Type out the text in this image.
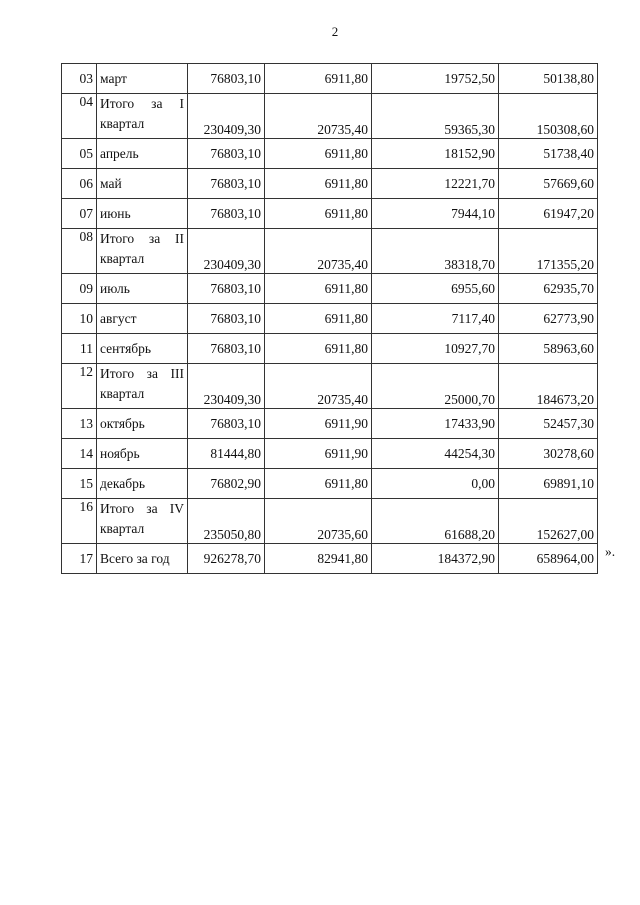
2
03	март	76803,10	6911,80	19752,50	50138,80
04	Итого за I
квартал	230409,30	20735,40	59365,30	150308,60
05	апрель	76803,10	6911,80	18152,90	51738,40
06	май	76803,10	6911,80	12221,70	57669,60
07	июнь	76803,10	6911,80	7944,10	61947,20
08	Итого за II
квартал	230409,30	20735,40	38318,70	171355,20
09	июль	76803,10	6911,80	6955,60	62935,70
10	август	76803,10	6911,80	7117,40	62773,90
11	сентябрь	76803,10	6911,80	10927,70	58963,60
12	Итого за III
квартал	230409,30	20735,40	25000,70	184673,20
13	октябрь	76803,10	6911,90	17433,90	52457,30
14	ноябрь	81444,80	6911,90	44254,30	30278,60
15	декабрь	76802,90	6911,80	0,00	69891,10
16	Итого за IV
квартал	235050,80	20735,60	61688,20	152627,00
17	Всего за год	926278,70	82941,80	184372,90	658964,00 ».
